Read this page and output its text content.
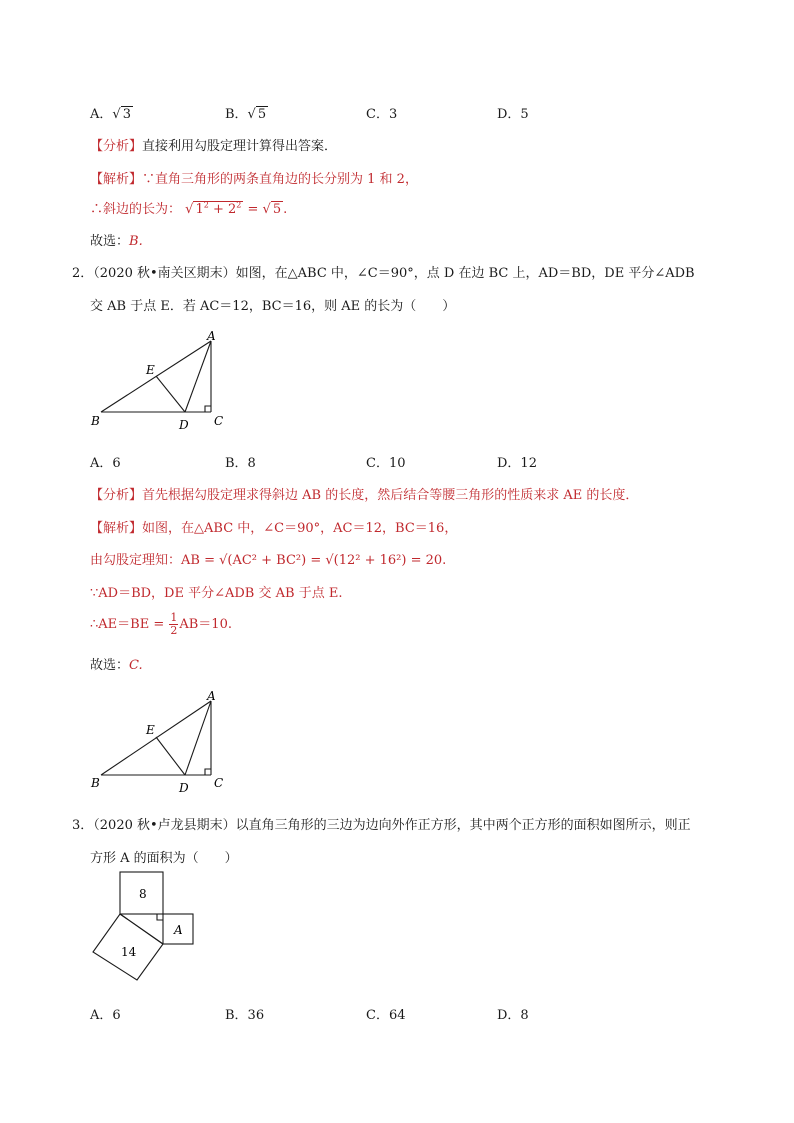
A．√ 3	B．√ 5	C．3	D．5
【分析】直接利用勾股定理计算得出答案．
【解析】∵直角三角形的两条直角边的长分别为 1 和 2，
∴斜边的长为： √ $1^2 + 2^2$ = √ 5 .
故选：B.
2．（2020 秋•南关区期末）如图，在△ABC 中，∠C＝90°，点 D 在边 BC 上，AD＝BD，DE 平分∠ADB
交 AB 于点 E．若 AC＝12，BC＝16，则 AE 的长为（　　）
A
B	C
D
E
A．6	B．8	C．10	D．12
【分析】首先根据勾股定理求得斜边 AB 的长度，然后结合等腰三角形的性质来求 AE 的长度．
【解析】如图，在△ABC 中，∠C＝90°，AC＝12，BC＝16，
由勾股定理知：AB = √(AC² + BC²) = √(12² + 16²) = 20.
∵AD＝BD，DE 平分∠ADB 交 AB 于点 E.
∴AE＝BE = $\frac{1}{2} AB=10$.
故选：C.
A
B	C
D
E
3．（2020 秋•卢龙县期末）以直角三角形的三边为边向外作正方形，其中两个正方形的面积如图所示，则正
方形 A 的面积为（　　）
8
14
A
A．6	B．36	C．64	D．8
